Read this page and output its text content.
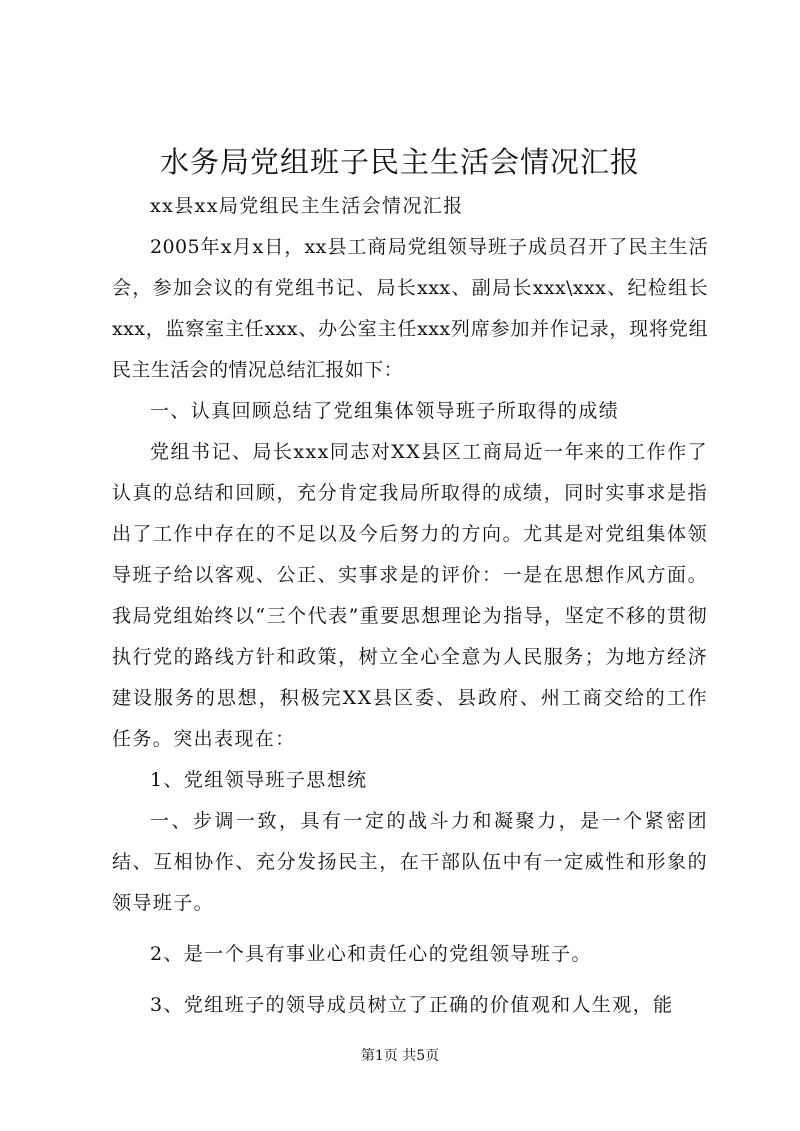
水务局党组班子民主生活会情况汇报

xx县xx局党组民主生活会情况汇报

2005年x月x日，xx县工商局党组领导班子成员召开了民主生活会，参加会议的有党组书记、局长xxx、副局长xxx\xxx、纪检组长xxx，监察室主任xxx、办公室主任xxx列席参加并作记录，现将党组民主生活会的情况总结汇报如下：

一、认真回顾总结了党组集体领导班子所取得的成绩

党组书记、局长xxx同志对XX县区工商局近一年来的工作作了认真的总结和回顾，充分肯定我局所取得的成绩，同时实事求是指出了工作中存在的不足以及今后努力的方向。尤其是对党组集体领导班子给以客观、公正、实事求是的评价：一是在思想作风方面。我局党组始终以“三个代表”重要思想理论为指导，坚定不移的贯彻执行党的路线方针和政策，树立全心全意为人民服务；为地方经济建设服务的思想，积极完XX县区委、县政府、州工商交给的工作任务。突出表现在：

1、党组领导班子思想统

一、步调一致，具有一定的战斗力和凝聚力，是一个紧密团结、互相协作、充分发扬民主，在干部队伍中有一定威性和形象的领导班子。

2、是一个具有事业心和责任心的党组领导班子。

3、党组班子的领导成员树立了正确的价值观和人生观，能

第1页 共5页
